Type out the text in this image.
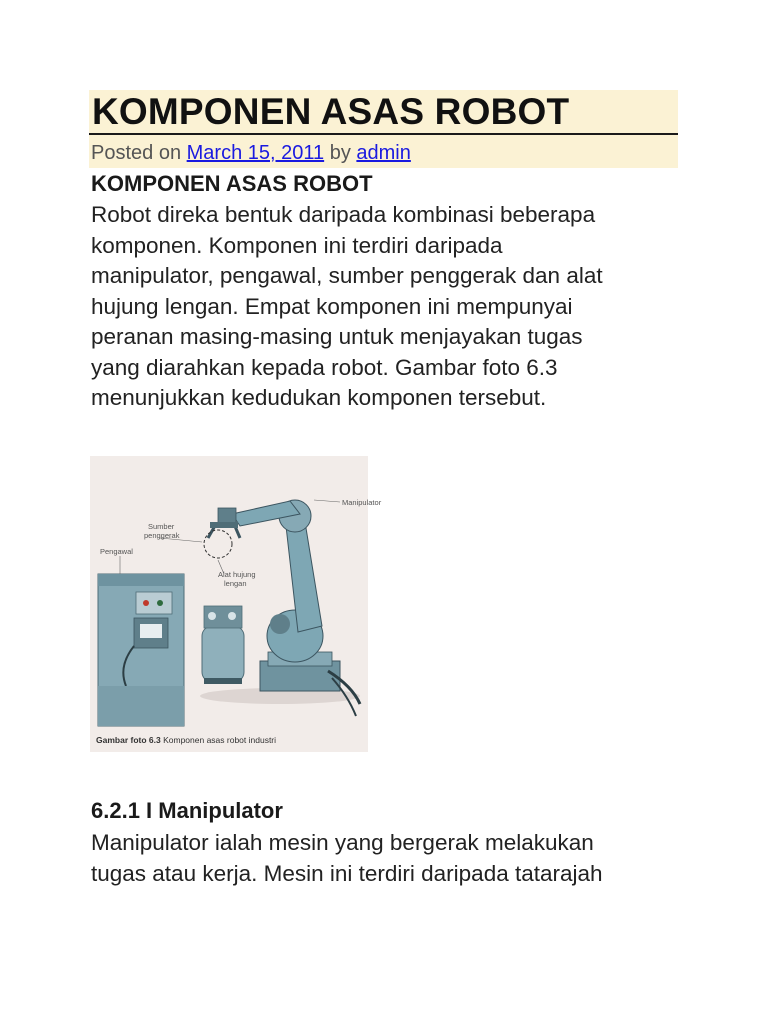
KOMPONEN ASAS ROBOT
Posted on March 15, 2011 by admin
KOMPONEN ASAS ROBOT
Robot direka bentuk daripada kombinasi beberapa
komponen. Komponen ini terdiri daripada
manipulator, pengawal, sumber penggerak dan alat
hujung lengan. Empat komponen ini mempunyai
peranan masing-masing untuk menjayakan tugas
yang diarahkan kepada robot. Gambar foto 6.3
menunjukkan kedudukan komponen tersebut.
Manipulator
Sumber
penggerak
Pengawal
Alat hujung
lengan
Gambar foto 6.3 Komponen asas robot industri
6.2.1 I Manipulator
Manipulator ialah mesin yang bergerak melakukan
tugas atau kerja. Mesin ini terdiri daripada tatarajah
